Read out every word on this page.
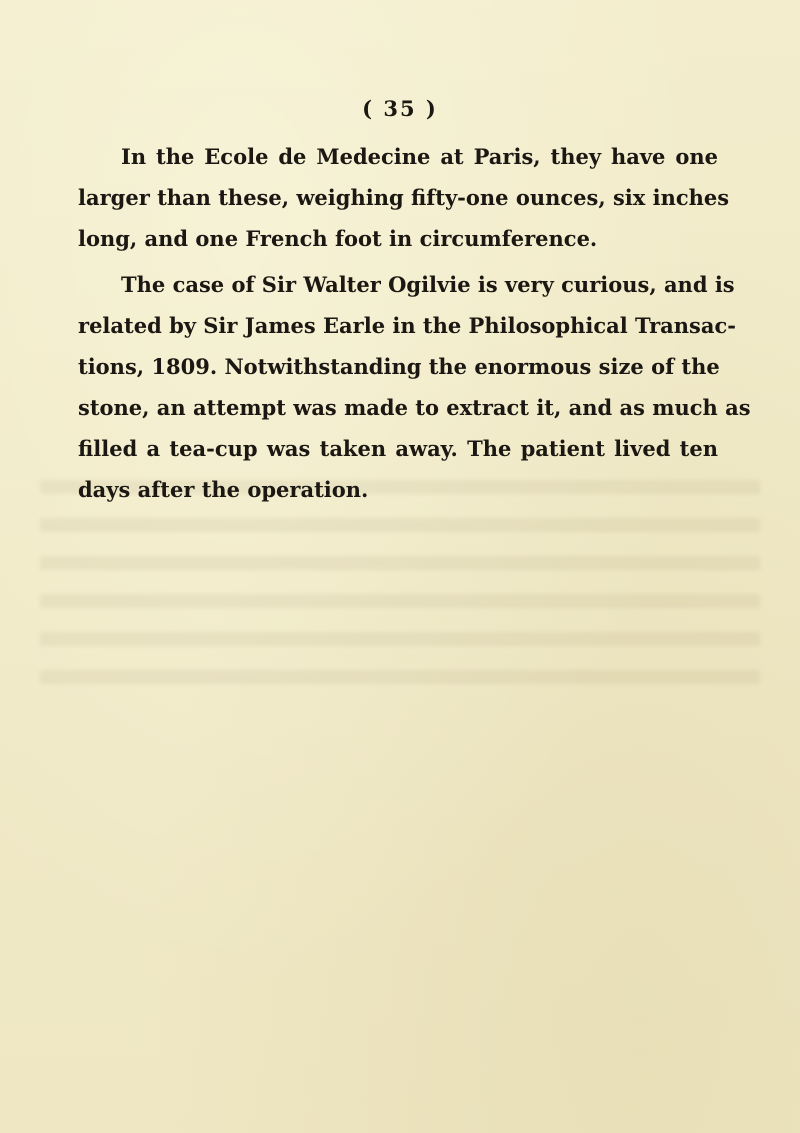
( 35 )
In the Ecole de Medecine at Paris, they have one
larger than these, weighing fifty-one ounces, six inches
long, and one French foot in circumference.
The case of Sir Walter Ogilvie is very curious, and is
related by Sir James Earle in the Philosophical Transac-
tions, 1809. Notwithstanding the enormous size of the
stone, an attempt was made to extract it, and as much as
filled a tea-cup was taken away. The patient lived ten
days after the operation.
